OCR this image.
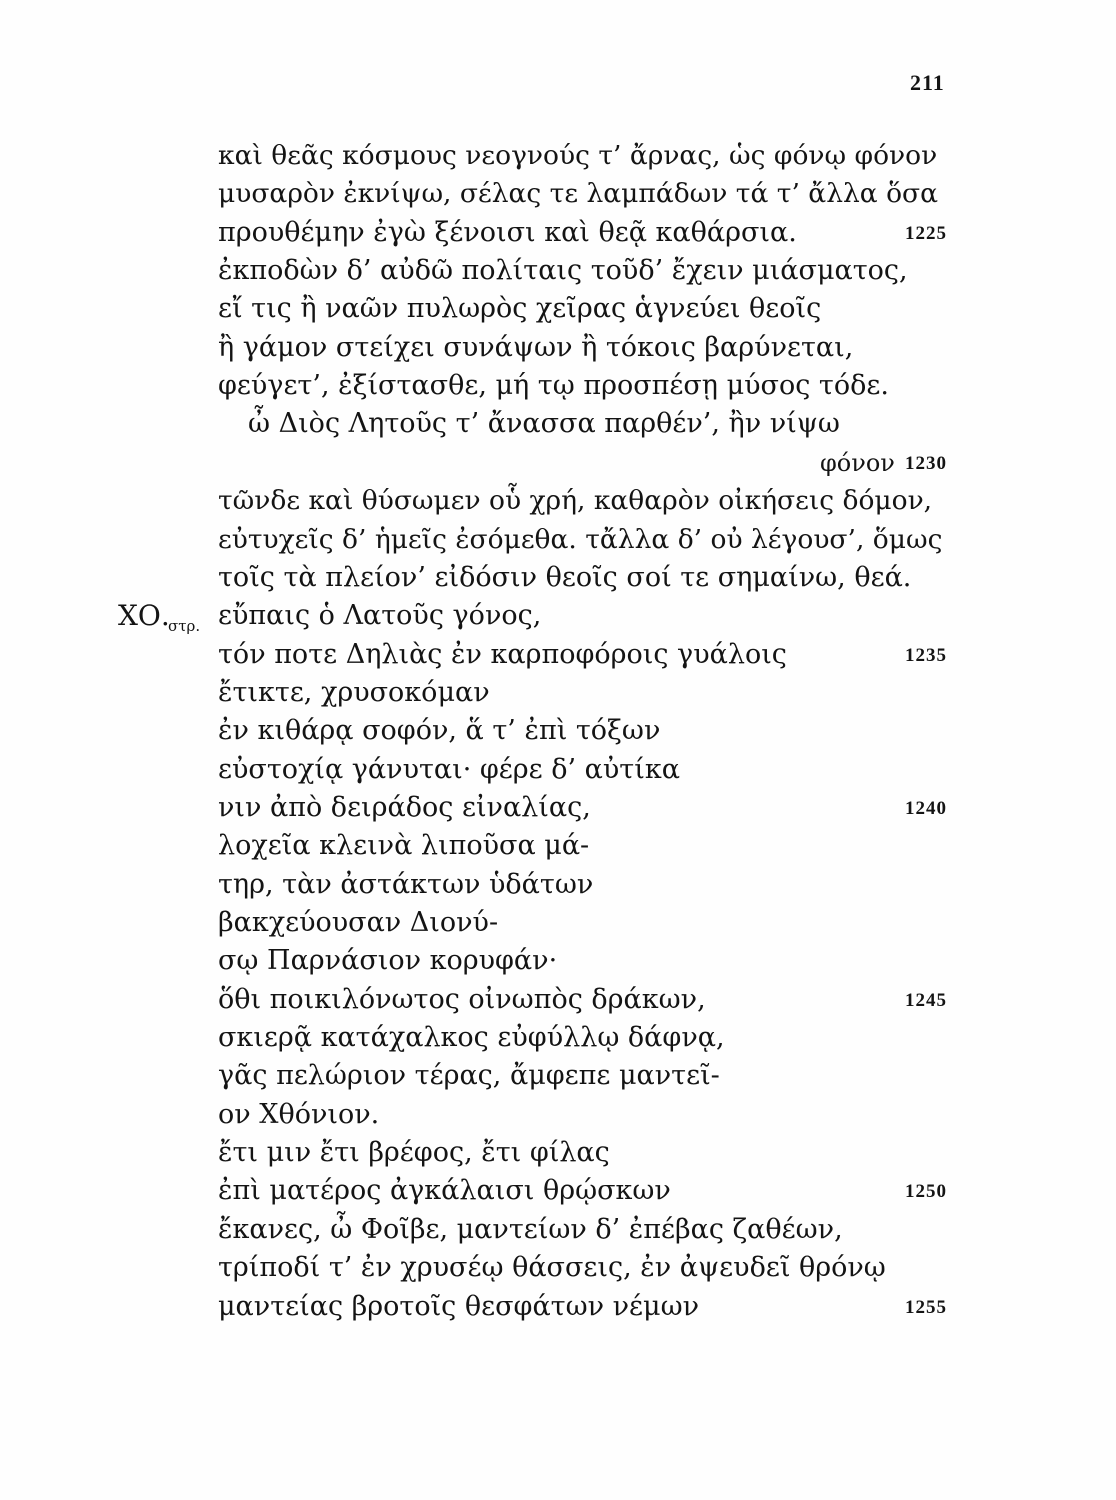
211
καὶ θεᾶς κόσμους νεογνούς τ’ ἄρνας, ὡς φόνῳ φόνον
μυσαρὸν ἐκνίψω, σέλας τε λαμπάδων τά τ’ ἄλλα ὅσα
προυθέμην ἐγὼ ξένοισι καὶ θεᾷ καθάρσια.	1225
ἐκποδὼν δ’ αὐδῶ πολίταις τοῦδ’ ἔχειν μιάσματος,
εἴ τις ἢ ναῶν πυλωρὸς χεῖρας ἁγνεύει θεοῖς
ἢ γάμον στείχει συνάψων ἢ τόκοις βαρύνεται,
φεύγετ’, ἐξίστασθε, μή τῳ προσπέσῃ μύσος τόδε.
ὦ Διὸς Λητοῦς τ’ ἄνασσα παρθέν’, ἢν νίψω
φόνον 1230
τῶνδε καὶ θύσωμεν οὗ χρή, καθαρὸν οἰκήσεις δόμον,
εὐτυχεῖς δ’ ἡμεῖς ἐσόμεθα. τἄλλα δ’ οὐ λέγουσ’, ὅμως
τοῖς τὰ πλείον’ εἰδόσιν θεοῖς σοί τε σημαίνω, θεά.
ΧΟ.
στρ. εὔπαις ὁ Λατοῦς γόνος,
τόν ποτε Δηλιὰς ἐν καρποφόροις γυάλοις	1235
ἔτικτε, χρυσοκόμαν
ἐν κιθάρᾳ σοφόν, ἅ τ’ ἐπὶ τόξων
εὐστοχίᾳ γάνυται· φέρε δ’ αὐτίκα
νιν ἀπὸ δειράδος εἰναλίας,	1240
λοχεῖα κλεινὰ λιποῦσα μά-
τηρ, τὰν ἀστάκτων ὑδάτων
βακχεύουσαν Διονύ-
σῳ Παρνάσιον κορυφάν·
ὅθι ποικιλόνωτος οἰνωπὸς δράκων,	1245
σκιερᾷ κατάχαλκος εὐφύλλῳ δάφνᾳ,
γᾶς πελώριον τέρας, ἄμφεπε μαντεῖ-
ον Χθόνιον.
ἔτι μιν ἔτι βρέφος, ἔτι φίλας
ἐπὶ ματέρος ἀγκάλαισι θρῴσκων	1250
ἔκανες, ὦ Φοῖβε, μαντείων δ’ ἐπέβας ζαθέων,
τρίποδί τ’ ἐν χρυσέῳ θάσσεις, ἐν ἀψευδεῖ θρόνῳ
μαντείας βροτοῖς θεσφάτων νέμων	1255
